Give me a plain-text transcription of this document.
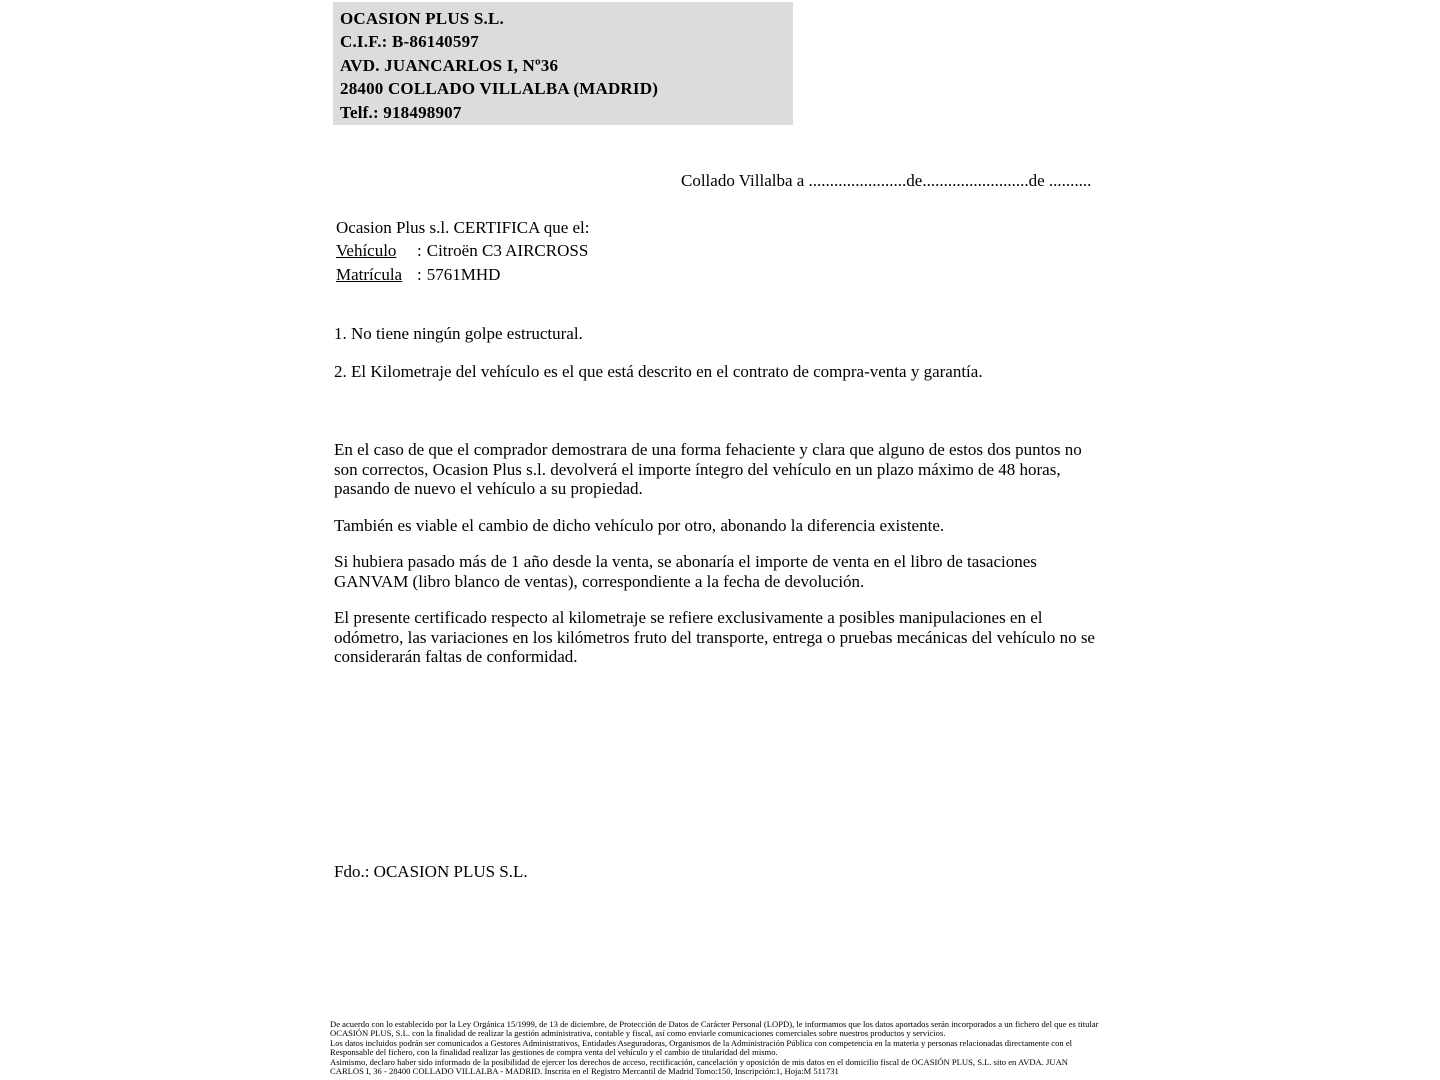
OCASION PLUS S.L.
C.I.F.: B-86140597
AVD. JUANCARLOS I, Nº36
28400 COLLADO VILLALBA (MADRID)
Telf.: 918498907
Collado Villalba a .......................de.........................de ..........
Ocasion Plus s.l. CERTIFICA que el:
Vehículo : Citroën C3 AIRCROSS
Matrícula : 5761MHD
1. No tiene ningún golpe estructural.
2. El Kilometraje del vehículo es el que está descrito en el contrato de compra-venta y garantía.

En el caso de que el comprador demostrara de una forma fehaciente y clara que alguno de estos dos puntos no son correctos, Ocasion Plus s.l. devolverá el importe íntegro del vehículo en un plazo máximo de 48 horas, pasando de nuevo el vehículo a su propiedad.

También es viable el cambio de dicho vehículo por otro, abonando la diferencia existente.

Si hubiera pasado más de 1 año desde la venta, se abonaría el importe de venta en el libro de tasaciones GANVAM (libro blanco de ventas), correspondiente a la fecha de devolución.

El presente certificado respecto al kilometraje se refiere exclusivamente a posibles manipulaciones en el odómetro, las variaciones en los kilómetros fruto del transporte, entrega o pruebas mecánicas del vehículo no se considerarán faltas de conformidad.

Fdo.: OCASION PLUS S.L.
De acuerdo con lo establecido por la Ley Orgánica 15/1999, de 13 de diciembre, de Protección de Datos de Carácter Personal (LOPD), le informamos que los datos aportados serán incorporados a un fichero del que es titular
OCASIÓN PLUS, S.L. con la finalidad de realizar la gestión administrativa, contable y fiscal, así como enviarle comunicaciones comerciales sobre nuestros productos y servicios.
Los datos incluidos podrán ser comunicados a Gestores Administrativos, Entidades Aseguradoras, Organismos de la Administración Pública con competencia en la materia y personas relacionadas directamente con el
Responsable del fichero, con la finalidad realizar las gestiones de compra venta del vehículo y el cambio de titularidad del mismo.
Asimismo, declaro haber sido informado de la posibilidad de ejercer los derechos de acceso, rectificación, cancelación y oposición de mis datos en el domicilio fiscal de OCASIÓN PLUS, S.L. sito en AVDA. JUAN
CARLOS I, 36 - 28400 COLLADO VILLALBA - MADRID. Inscrita en el Registro Mercantil de Madrid Tomo:150, Inscripción:1, Hoja:M 511731
